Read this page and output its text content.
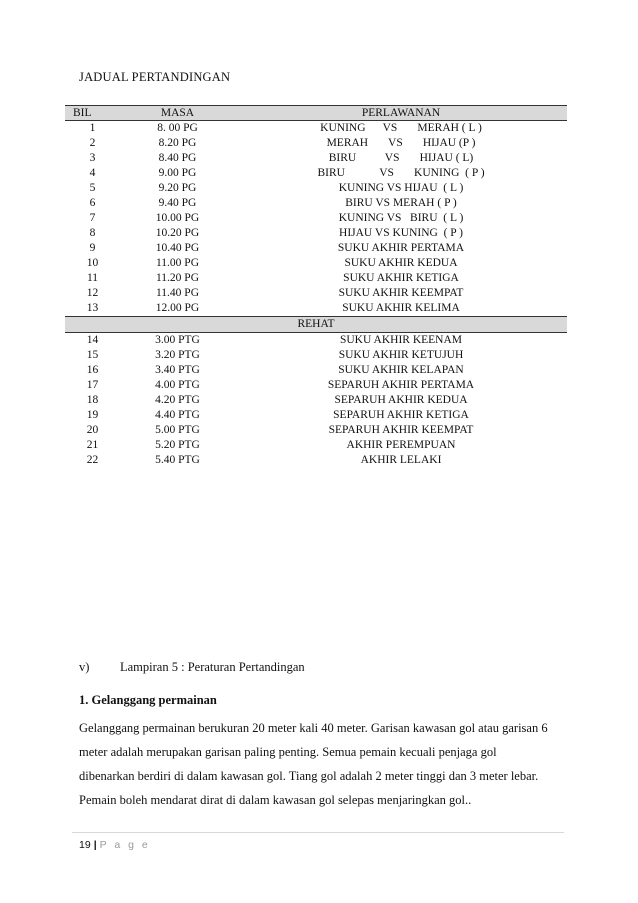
JADUAL PERTANDINGAN
BIL	MASA	PERLAWANAN
1	8. 00 PG	KUNING      VS       MERAH ( L )
2	8.20 PG	MERAH       VS       HIJAU (P )
3	8.40 PG	BIRU          VS       HIJAU ( L)
4	9.00 PG	BIRU            VS       KUNING  ( P )
5	9.20 PG	KUNING VS HIJAU  ( L )
6	9.40 PG	BIRU VS MERAH ( P )
7	10.00 PG	KUNING VS   BIRU  ( L )
8	10.20 PG	HIJAU VS KUNING  ( P )
9	10.40 PG	SUKU AKHIR PERTAMA
10	11.00 PG	SUKU AKHIR KEDUA
11	11.20 PG	SUKU AKHIR KETIGA
12	11.40 PG	SUKU AKHIR KEEMPAT
13	12.00 PG	SUKU AKHIR KELIMA
REHAT		
14	3.00 PTG	SUKU AKHIR KEENAM
15	3.20 PTG	SUKU AKHIR KETUJUH
16	3.40 PTG	SUKU AKHIR KELAPAN
17	4.00 PTG	SEPARUH AKHIR PERTAMA
18	4.20 PTG	SEPARUH AKHIR KEDUA
19	4.40 PTG	SEPARUH AKHIR KETIGA
20	5.00 PTG	SEPARUH AKHIR KEEMPAT
21	5.20 PTG	AKHIR PEREMPUAN
22	5.40 PTG	AKHIR LELAKI
v) Lampiran 5 : Peraturan Pertandingan
1. Gelanggang permainan
Gelanggang permainan berukuran 20 meter kali 40 meter. Garisan kawasan gol atau garisan 6
meter adalah merupakan garisan paling penting. Semua pemain kecuali penjaga gol
dibenarkan berdiri di dalam kawasan gol. Tiang gol adalah 2 meter tinggi dan 3 meter lebar.
Pemain boleh mendarat dirat di dalam kawasan gol selepas menjaringkan gol..
19 | P a g e
